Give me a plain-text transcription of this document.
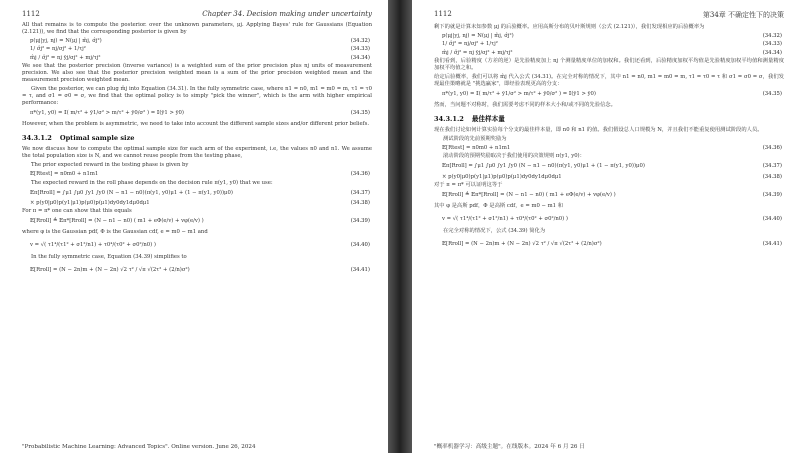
1112	Chapter 34. Decision making under uncertainty

All that remains is to compute the posterior. over the unknown parameters, μj. Applying Bayes' rule for Gaussians (Equation (2.121)), we find that the corresponding posterior is given by

p(μj|yj, nj) = N(μj | m̂j, σ̂j²)	(34.32)
1/ σ̂j² = nj/σj² + 1/τj²	(34.33)
m̂j / σ̂j² = nj ȳj/σj² + mj/τj²	(34.34)

We see that the posterior precision (inverse variance) is a weighted sum of the prior precision plus nj units of measurement precision. We also see that the posterior precision weighted mean is a sum of the prior precision weighted mean and the measurement precision weighted mean.

Given the posterior, we can plug m̂j into Equation (34.31). In the fully symmetric case, where n1 = n0, m1 = m0 = m, τ1 = τ0 = τ, and σ1 = σ0 = σ, we find that the optimal policy is to simply "pick the winner", which is the arm with higher empirical performance:

π*(y1, y0) = 𝕀( m/τ² + ȳ1/σ² > m/τ² + ȳ0/σ² ) = 𝕀(ȳ1 > ȳ0)	(34.35)

However, when the problem is asymmetric, we need to take into account the different sample sizes and/or different prior beliefs.

34.3.1.2 Optimal sample size

We now discuss how to compute the optimal sample size for each arm of the experiment, i.e, the values n0 and n1. We assume the total population size is N, and we cannot reuse people from the testing phase,

The prior expected reward in the testing phase is given by

𝔼[Rtest] = n0m0 + n1m1	(34.36)

The expected reward in the roll phase depends on the decision rule π(y1, y0) that we use:

𝔼π[Rroll] = ∫μ1 ∫μ0 ∫y1 ∫y0 (N − n1 − n0)(π(y1, y0)μ1 + (1 − π(y1, y0))μ0)	(34.37)
× p(y0|μ0)p(y1|μ1)p(μ0)p(μ1)dy0dy1dμ0dμ1	(34.38)

For π = π* one can show that this equals

𝔼[Rroll] ≜ 𝔼π*[Rroll] = (N − n1 − n0) ( m1 + eΦ(e/v) + vφ(e/v) )	(34.39)

where φ is the Gaussian pdf, Φ is the Gaussian cdf, e = m0 − m1 and

v = √( τ1⁴/(τ1² + σ1²/n1) + τ0⁴/(τ0² + σ0²/n0) )	(34.40)

In the fully symmetric case, Equation (34.39) simplifies to

𝔼[Rroll] = (N − 2n)m + (N − 2n) √2 τ² / √π √(2τ² + (2/n)σ²)	(34.41)
"Probabilistic Machine Learning: Advanced Topics". Online version. June 26, 2024
1112	第34章 不确定性下的决策

剩下的就是计算未知参数 μj 的后验概率。应用高斯分布的贝叶斯规则（公式 (2.121)），我们发现相应的后验概率为

p(μj|yj, nj) = N(μj | m̂j, σ̂j²)	(34.32)
1/ σ̂j² = nj/σj² + 1/τj²	(34.33)
m̂j / σ̂j² = nj ȳj/σj² + mj/τj²	(34.34)

我们看到，后验精度（方差的逆）是先验精度加上 nj 个测量精度单位的加权和。我们还看到，后验精度加权平均值是先验精度加权平均值和测量精度加权平均值之和。

给定后验概率，我们可以将 m̂j 代入公式 (34.31)。在完全对称的情况下，其中 n1 = n0, m1 = m0 = m, τ1 = τ0 = τ 和 σ1 = σ0 = σ，我们发现最佳策略就是 "挑选赢家"，即经验表现更高的分支：

π*(y1, y0) = 𝕀( m/τ² + ȳ1/σ² > m/τ² + ȳ0/σ² ) = 𝕀(ȳ1 > ȳ0)	(34.35)

然而，当问题不对称时，我们需要考虑不同的样本大小和/或不同的先验信念。

34.3.1.2 最佳样本量

现在我们讨论如何计算实验每个分支的最佳样本量，即 n0 和 n1 的值。我们假设总人口规模为 N，并且我们不能重复使用测试阶段的人员。

测试阶段的先前预期奖励为

𝔼[Rtest] = n0m0 + n1m1	(34.36)

滚动阶段的预期奖励取决于我们使用的决策规则 π(y1, y0)：

𝔼π[Rroll] = ∫μ1 ∫μ0 ∫y1 ∫y0 (N − n1 − n0)(π(y1, y0)μ1 + (1 − π(y1, y0))μ0)	(34.37)
× p(y0|μ0)p(y1|μ1)p(μ0)p(μ1)dy0dy1dμ0dμ1	(34.38)

对于 π = π* 可以证明这等于

𝔼[Rroll] ≜ 𝔼π*[Rroll] = (N − n1 − n0) ( m1 + eΦ(e/v) + vφ(e/v) )	(34.39)

其中 φ 是高斯 pdf，Φ 是高斯 cdf，e = m0 − m1 和

v = √( τ1⁴/(τ1² + σ1²/n1) + τ0⁴/(τ0² + σ0²/n0) )	(34.40)

在完全对称的情况下，公式 (34.39) 简化为

𝔼[Rroll] = (N − 2n)m + (N − 2n) √2 τ² / √π √(2τ² + (2/n)σ²)	(34.41)
"概率机器学习：高级主题"。在线版本。2024 年 6 月 26 日
